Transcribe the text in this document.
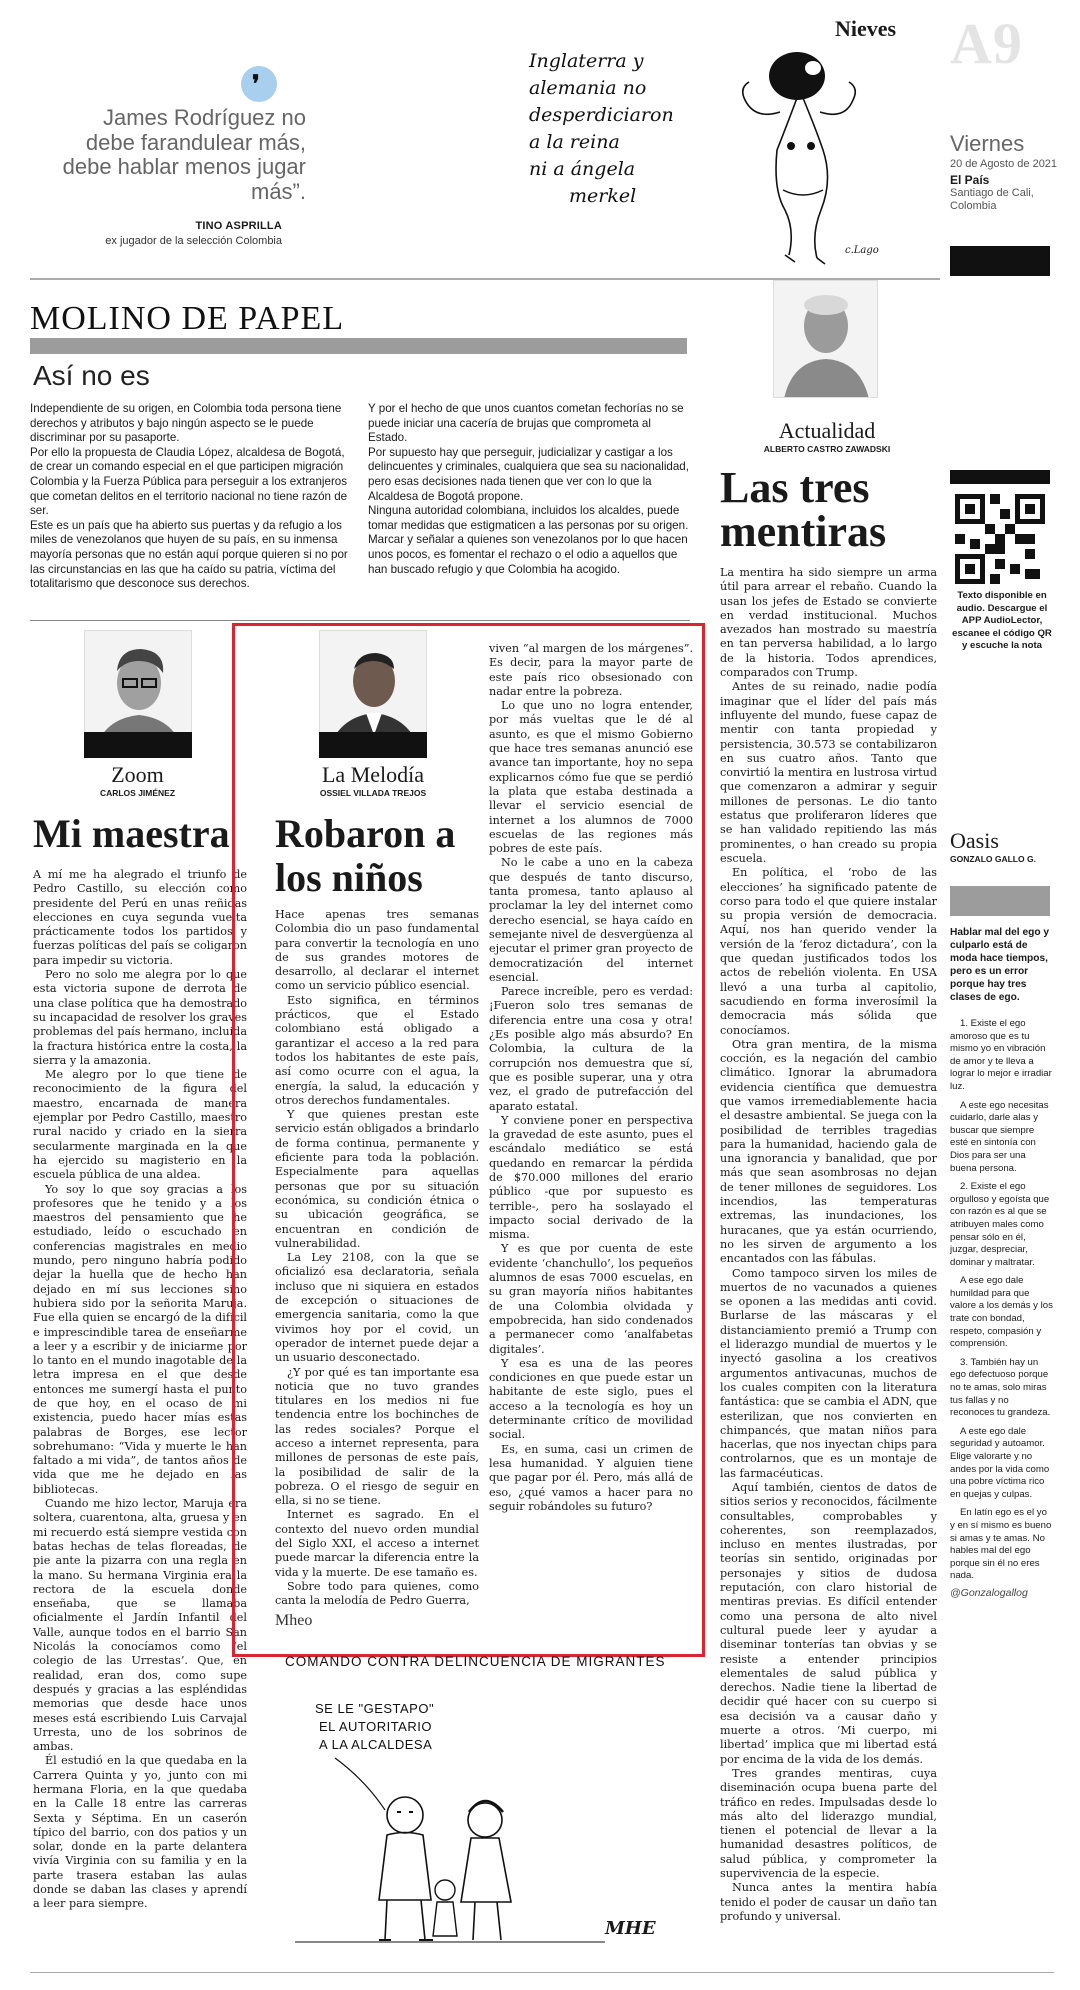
❜
James Rodríguez no debe farandulear más, debe hablar menos jugar más”.
TINO ASPRILLA
ex jugador de la selección Colombia
Inglaterra y
alemania no
desperdiciaron
a la reina
ni a ángela
merkel
c.Lago
Nieves A9
Viernes
20 de Agosto de 2021
El País
Santiago de Cali, Colombia
MOLINO DE PAPEL
Así no es

Independiente de su origen, en Colombia toda persona tiene derechos y atributos y bajo ningún aspecto se le puede discriminar por su pasaporte.

Por ello la propuesta de Claudia López, alcaldesa de Bogotá, de crear un comando especial en el que participen migración Colombia y la Fuerza Pública para perseguir a los extranjeros que cometan delitos en el territorio nacional no tiene razón de ser.

Este es un país que ha abierto sus puertas y da refugio a los miles de venezolanos que huyen de su país, en su inmensa mayoría personas que no están aquí porque quieren si no por las circunstancias en las que ha caído su patria, víctima del totalitarismo que desconoce sus derechos.

Y por el hecho de que unos cuantos cometan fechorías no se puede iniciar una cacería de brujas que comprometa al Estado.

Por supuesto hay que perseguir, judicializar y castigar a los delincuentes y criminales, cualquiera que sea su nacionalidad, pero esas decisiones nada tienen que ver con lo que la Alcaldesa de Bogotá propone.

Ninguna autoridad colombiana, incluidos los alcaldes, puede tomar medidas que estigmaticen a las personas por su origen.

Marcar y señalar a quienes son venezolanos por lo que hacen unos pocos, es fomentar el rechazo o el odio a aquellos que han buscado refugio y que Colombia ha acogido.

Actualidad
ALBERTO CASTRO ZAWADSKI
Las tres mentiras

La mentira ha sido siempre un arma útil para arrear el rebaño. Cuando la usan los jefes de Estado se convierte en verdad institucional. Muchos avezados han mostrado su maestría en tan perversa habilidad, a lo largo de la historia. Todos aprendices, comparados con Trump.

Antes de su reinado, nadie podía imaginar que el líder del país más influyente del mundo, fuese capaz de mentir con tanta propiedad y persistencia, 30.573 se contabilizaron en sus cuatro años. Tanto que convirtió la mentira en lustrosa virtud que comenzaron a admirar y seguir millones de personas. Le dio tanto estatus que proliferaron líderes que se han validado repitiendo las más prominentes, o han creado su propia escuela.

En política, el ‘robo de las elecciones’ ha significado patente de corso para todo el que quiere instalar su propia versión de democracia. Aquí, nos han querido vender la versión de la ‘feroz dictadura’, con la que quedan justificados todos los actos de rebelión violenta. En USA llevó a una turba al capitolio, sacudiendo en forma inverosímil la democracia más sólida que conocíamos.

Otra gran mentira, de la misma cocción, es la negación del cambio climático. Ignorar la abrumadora evidencia científica que demuestra que vamos irremediablemente hacia el desastre ambiental. Se juega con la posibilidad de terribles tragedias para la humanidad, haciendo gala de una ignorancia y banalidad, que por más que sean asombrosas no dejan de tener millones de seguidores. Los incendios, las temperaturas extremas, las inundaciones, los huracanes, que ya están ocurriendo, no les sirven de argumento a los encantados con las fábulas.

Como tampoco sirven los miles de muertos de no vacunados a quienes se oponen a las medidas anti covid. Burlarse de las máscaras y el distanciamiento premió a Trump con el liderazgo mundial de muertos y le inyectó gasolina a los creativos argumentos antivacunas, muchos de los cuales compiten con la literatura fantástica: que se cambia el ADN, que esterilizan, que nos convierten en chimpancés, que matan niños para hacerlas, que nos inyectan chips para controlarnos, que es un montaje de las farmacéuticas.

Aquí también, cientos de datos de sitios serios y reconocidos, fácilmente consultables, comprobables y coherentes, son reemplazados, incluso en mentes ilustradas, por teorías sin sentido, originadas por personajes y sitios de dudosa reputación, con claro historial de mentiras previas. Es difícil entender como una persona de alto nivel cultural puede leer y ayudar a diseminar tonterías tan obvias y se resiste a entender principios elementales de salud pública y derechos. Nadie tiene la libertad de decidir qué hacer con su cuerpo si esa decisión va a causar daño y muerte a otros. ‘Mi cuerpo, mi libertad’ implica que mi libertad está por encima de la vida de los demás.

Tres grandes mentiras, cuya diseminación ocupa buena parte del tráfico en redes. Impulsadas desde lo más alto del liderazgo mundial, tienen el potencial de llevar a la humanidad desastres políticos, de salud pública, y comprometer la supervivencia de la especie.

Nunca antes la mentira había tenido el poder de causar un daño tan profundo y universal.

Texto disponible en audio. Descargue el APP AudioLector, escanee el código QR y escuche la nota
Zoom
CARLOS JIMÉNEZ
Mi maestra

A mí me ha alegrado el triunfo de Pedro Castillo, su elección como presidente del Perú en unas reñidas elecciones en cuya segunda vuelta prácticamente todos los partidos y fuerzas políticas del país se coligaron para impedir su victoria.

Pero no solo me alegra por lo que esta victoria supone de derrota de una clase política que ha demostrado su incapacidad de resolver los graves problemas del país hermano, incluida la fractura histórica entre la costa, la sierra y la amazonia.

Me alegro por lo que tiene de reconocimiento de la figura del maestro, encarnada de manera ejemplar por Pedro Castillo, maestro rural nacido y criado en la sierra secularmente marginada en la que ha ejercido su magisterio en la escuela pública de una aldea.

Yo soy lo que soy gracias a los profesores que he tenido y a los maestros del pensamiento que he estudiado, leído o escuchado en conferencias magistrales en medio mundo, pero ninguno habría podido dejar la huella que de hecho han dejado en mí sus lecciones sino hubiera sido por la señorita Maruja. Fue ella quien se encargó de la difícil e imprescindible tarea de enseñarme a leer y a escribir y de iniciarme por lo tanto en el mundo inagotable de la letra impresa en el que desde entonces me sumergí hasta el punto de que hoy, en el ocaso de mi existencia, puedo hacer mías estas palabras de Borges, ese lector sobrehumano: “Vida y muerte le han faltado a mi vida”, de tantos años de vida que me he dejado en las bibliotecas.

Cuando me hizo lector, Maruja era soltera, cuarentona, alta, gruesa y en mi recuerdo está siempre vestida con batas hechas de telas floreadas, de pie ante la pizarra con una regla en la mano. Su hermana Virginia era la rectora de la escuela donde enseñaba, que se llamaba oficialmente el Jardín Infantil del Valle, aunque todos en el barrio San Nicolás la conocíamos como ‘el colegio de las Urrestas’. Que, en realidad, eran dos, como supe después y gracias a las espléndidas memorias que desde hace unos meses está escribiendo Luis Carvajal Urresta, uno de los sobrinos de ambas.

Él estudió en la que quedaba en la Carrera Quinta y yo, junto con mi hermana Floria, en la que quedaba en la Calle 18 entre las carreras Sexta y Séptima. En un caserón típico del barrio, con dos patios y un solar, donde en la parte delantera vivía Virginia con su familia y en la parte trasera estaban las aulas donde se daban las clases y aprendí a leer para siempre.

La Melodía
OSSIEL VILLADA TREJOS
Robaron a los niños

Hace apenas tres semanas Colombia dio un paso fundamental para convertir la tecnología en uno de sus grandes motores de desarrollo, al declarar el internet como un servicio público esencial.

Esto significa, en términos prácticos, que el Estado colombiano está obligado a garantizar el acceso a la red para todos los habitantes de este país, así como ocurre con el agua, la energía, la salud, la educación y otros derechos fundamentales.

Y que quienes prestan este servicio están obligados a brindarlo de forma continua, permanente y eficiente para toda la población. Especialmente para aquellas personas que por su situación económica, su condición étnica o su ubicación geográfica, se encuentran en condición de vulnerabilidad.

La Ley 2108, con la que se oficializó esa declaratoria, señala incluso que ni siquiera en estados de excepción o situaciones de emergencia sanitaria, como la que vivimos hoy por el covid, un operador de internet puede dejar a un usuario desconectado.

¿Y por qué es tan importante esa noticia que no tuvo grandes titulares en los medios ni fue tendencia entre los bochinches de las redes sociales? Porque el acceso a internet representa, para millones de personas de este país, la posibilidad de salir de la pobreza. O el riesgo de seguir en ella, si no se tiene.

Internet es sagrado. En el contexto del nuevo orden mundial del Siglo XXI, el acceso a internet puede marcar la diferencia entre la vida y la muerte. De ese tamaño es.

Sobre todo para quienes, como canta la melodía de Pedro Guerra,

viven “al margen de los márgenes”. Es decir, para la mayor parte de este país rico obsesionado con nadar entre la pobreza.

Lo que uno no logra entender, por más vueltas que le dé al asunto, es que el mismo Gobierno que hace tres semanas anunció ese avance tan importante, hoy no sepa explicarnos cómo fue que se perdió la plata que estaba destinada a llevar el servicio esencial de internet a los alumnos de 7000 escuelas de las regiones más pobres de este país.

No le cabe a uno en la cabeza que después de tanto discurso, tanta promesa, tanto aplauso al proclamar la ley del internet como derecho esencial, se haya caído en semejante nivel de desvergüenza al ejecutar el primer gran proyecto de democratización del internet esencial.

Parece increíble, pero es verdad: ¡Fueron solo tres semanas de diferencia entre una cosa y otra! ¿Es posible algo más absurdo? En Colombia, la cultura de la corrupción nos demuestra que sí, que es posible superar, una y otra vez, el grado de putrefacción del aparato estatal.

Y conviene poner en perspectiva la gravedad de este asunto, pues el escándalo mediático se está quedando en remarcar la pérdida de $70.000 millones del erario público -que por supuesto es terrible-, pero ha soslayado el impacto social derivado de la misma.

Y es que por cuenta de este evidente ‘chanchullo’, los pequeños alumnos de esas 7000 escuelas, en su gran mayoría niños habitantes de una Colombia olvidada y empobrecida, han sido condenados a permanecer como ‘analfabetas digitales’.

Y esa es una de las peores condiciones en que puede estar un habitante de este siglo, pues el acceso a la tecnología es hoy un determinante crítico de movilidad social.

Es, en suma, casi un crimen de lesa humanidad. Y alguien tiene que pagar por él. Pero, más allá de eso, ¿qué vamos a hacer para no seguir robándoles su futuro?

Mheo
COMANDO CONTRA DELINCUENCIA DE MIGRANTES
SE LE "GESTAPO"
EL AUTORITARIO
A LA ALCALDESA
MHE
Oasis
GONZALO GALLO G.
Hablar mal del ego y culparlo está de moda hace tiempos, pero es un error porque hay tres clases de ego.

1. Existe el ego amoroso que es tu mismo yo en vibración de amor y te lleva a lograr lo mejor e irradiar luz.

A este ego necesitas cuidarlo, darle alas y buscar que siempre esté en sintonía con Dios para ser una buena persona.

2. Existe el ego orgulloso y egoísta que con razón es al que se atribuyen males como pensar sólo en él, juzgar, despreciar, dominar y maltratar.

A ese ego dale humildad para que valore a los demás y los trate con bondad, respeto, compasión y comprensión.

3. También hay un ego defectuoso porque no te amas, solo miras tus fallas y no reconoces tu grandeza.

A este ego dale seguridad y autoamor. Elige valorarte y no andes por la vida como una pobre víctima rico en quejas y culpas.

En latín ego es el yo y en sí mismo es bueno si amas y te amas. No hables mal del ego porque sin él no eres nada.

@Gonzalogallog
